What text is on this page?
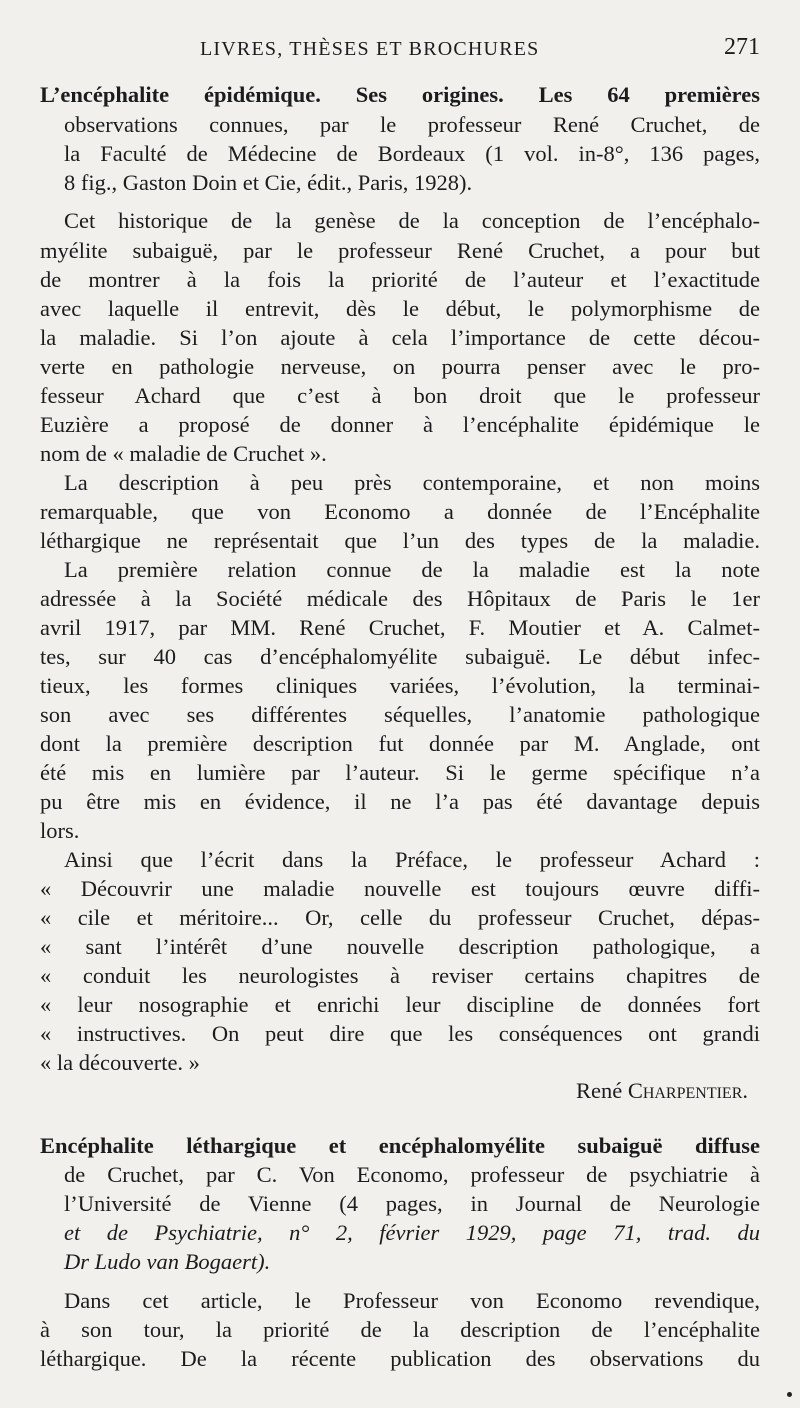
LIVRES, THÈSES ET BROCHURES	271
L’encéphalite épidémique. Ses origines. Les 64 premières
observations connues, par le professeur René Cruchet, de
la Faculté de Médecine de Bordeaux (1 vol. in-8°, 136 pages,
8 fig., Gaston Doin et Cie, édit., Paris, 1928).
Cet historique de la genèse de la conception de l’encéphalo-
myélite subaiguë, par le professeur René Cruchet, a pour but
de montrer à la fois la priorité de l’auteur et l’exactitude
avec laquelle il entrevit, dès le début, le polymorphisme de
la maladie. Si l’on ajoute à cela l’importance de cette décou-
verte en pathologie nerveuse, on pourra penser avec le pro-
fesseur Achard que c’est à bon droit que le professeur
Euzière a proposé de donner à l’encéphalite épidémique le
nom de « maladie de Cruchet ».
La description à peu près contemporaine, et non moins
remarquable, que von Economo a donnée de l’Encéphalite
léthargique ne représentait que l’un des types de la maladie.
La première relation connue de la maladie est la note
adressée à la Société médicale des Hôpitaux de Paris le 1er
avril 1917, par MM. René Cruchet, F. Moutier et A. Calmet-
tes, sur 40 cas d’encéphalomyélite subaiguë. Le début infec-
tieux, les formes cliniques variées, l’évolution, la terminai-
son avec ses différentes séquelles, l’anatomie pathologique
dont la première description fut donnée par M. Anglade, ont
été mis en lumière par l’auteur. Si le germe spécifique n’a
pu être mis en évidence, il ne l’a pas été davantage depuis
lors.
Ainsi que l’écrit dans la Préface, le professeur Achard :
« Découvrir une maladie nouvelle est toujours œuvre diffi-
« cile et méritoire... Or, celle du professeur Cruchet, dépas-
« sant l’intérêt d’une nouvelle description pathologique, a
« conduit les neurologistes à reviser certains chapitres de
« leur nosographie et enrichi leur discipline de données fort
« instructives. On peut dire que les conséquences ont grandi
« la découverte. »
René Charpentier.
Encéphalite léthargique et encéphalomyélite subaiguë diffuse
de Cruchet, par C. Von Economo, professeur de psychiatrie à
l’Université de Vienne (4 pages, in Journal de Neurologie
et de Psychiatrie, n° 2, février 1929, page 71, trad. du
Dr Ludo van Bogaert).
Dans cet article, le Professeur von Economo revendique,
à son tour, la priorité de la description de l’encéphalite
léthargique. De la récente publication des observations du
